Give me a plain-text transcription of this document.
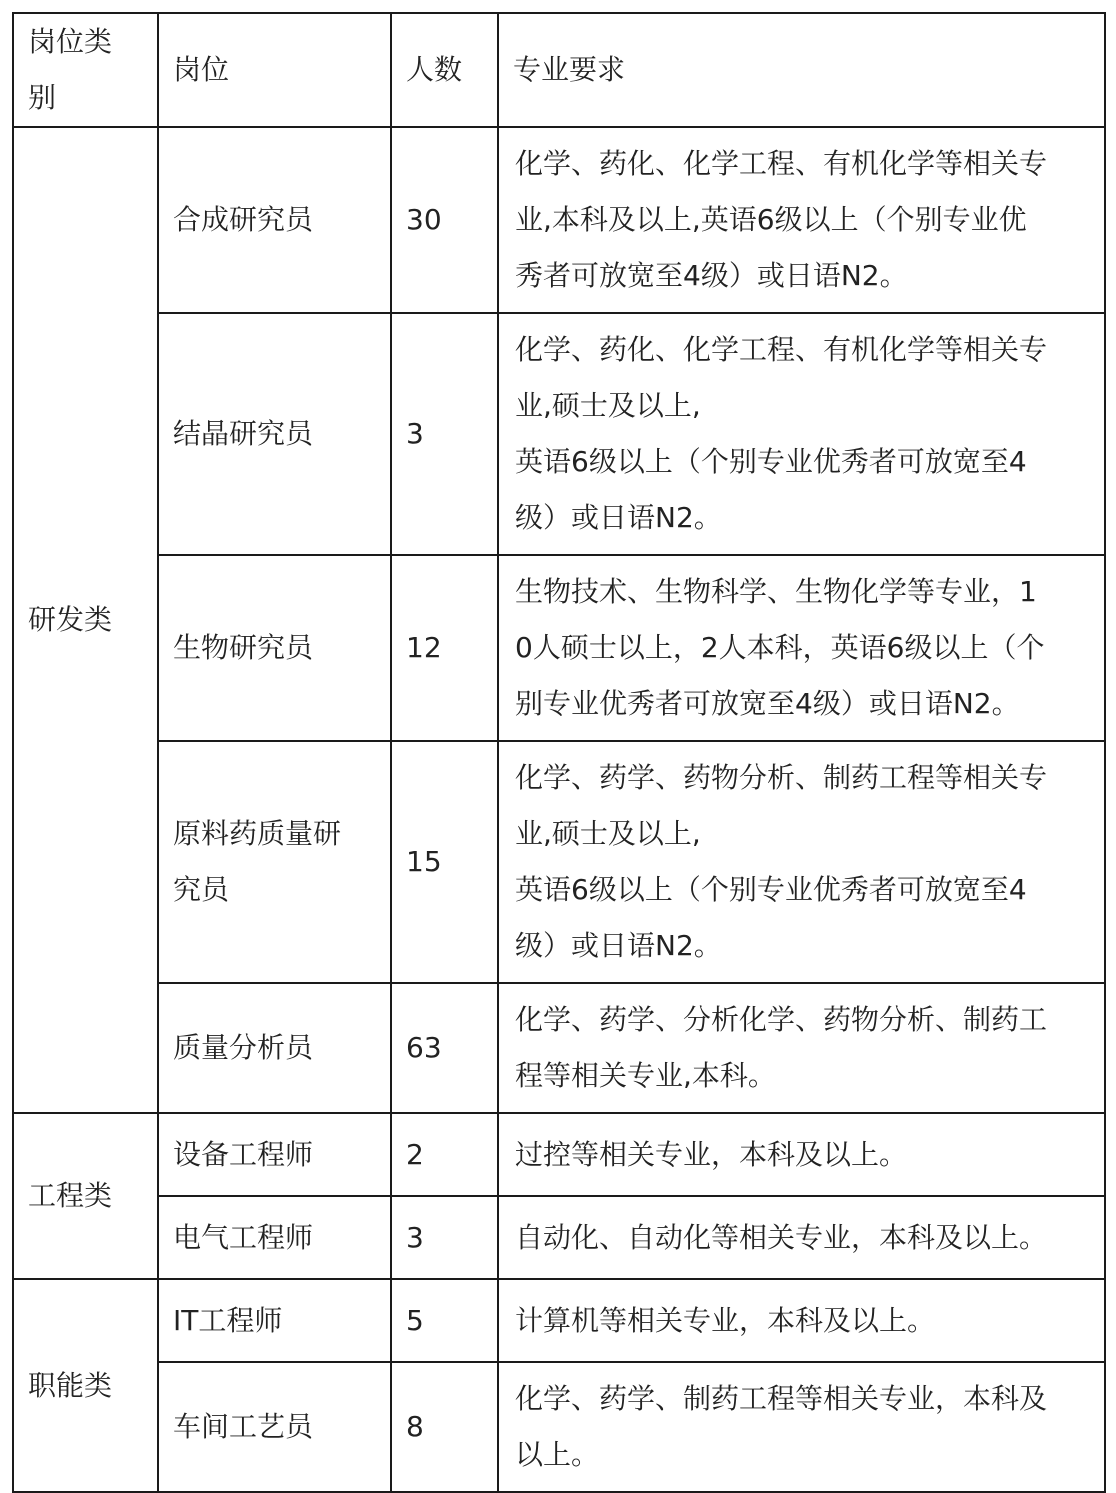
岗位类
别	岗位	人数	专业要求
研发类	合成研究员	30	化学、药化、化学工程、有机化学等相关专
业,本科及以上,英语6级以上（个别专业优
秀者可放宽至4级）或日语N2。
	结晶研究员	3	化学、药化、化学工程、有机化学等相关专
业,硕士及以上,
英语6级以上（个别专业优秀者可放宽至4
级）或日语N2。
	生物研究员	12	生物技术、生物科学、生物化学等专业，1
0人硕士以上，2人本科，英语6级以上（个
别专业优秀者可放宽至4级）或日语N2。
	原料药质量研
究员	15	化学、药学、药物分析、制药工程等相关专
业,硕士及以上,
英语6级以上（个别专业优秀者可放宽至4
级）或日语N2。
	质量分析员	63	化学、药学、分析化学、药物分析、制药工
程等相关专业,本科。
工程类	设备工程师	2	过控等相关专业，本科及以上。
	电气工程师	3	自动化、自动化等相关专业，本科及以上。
职能类	IT工程师	5	计算机等相关专业，本科及以上。
	车间工艺员	8	化学、药学、制药工程等相关专业，本科及
以上。
